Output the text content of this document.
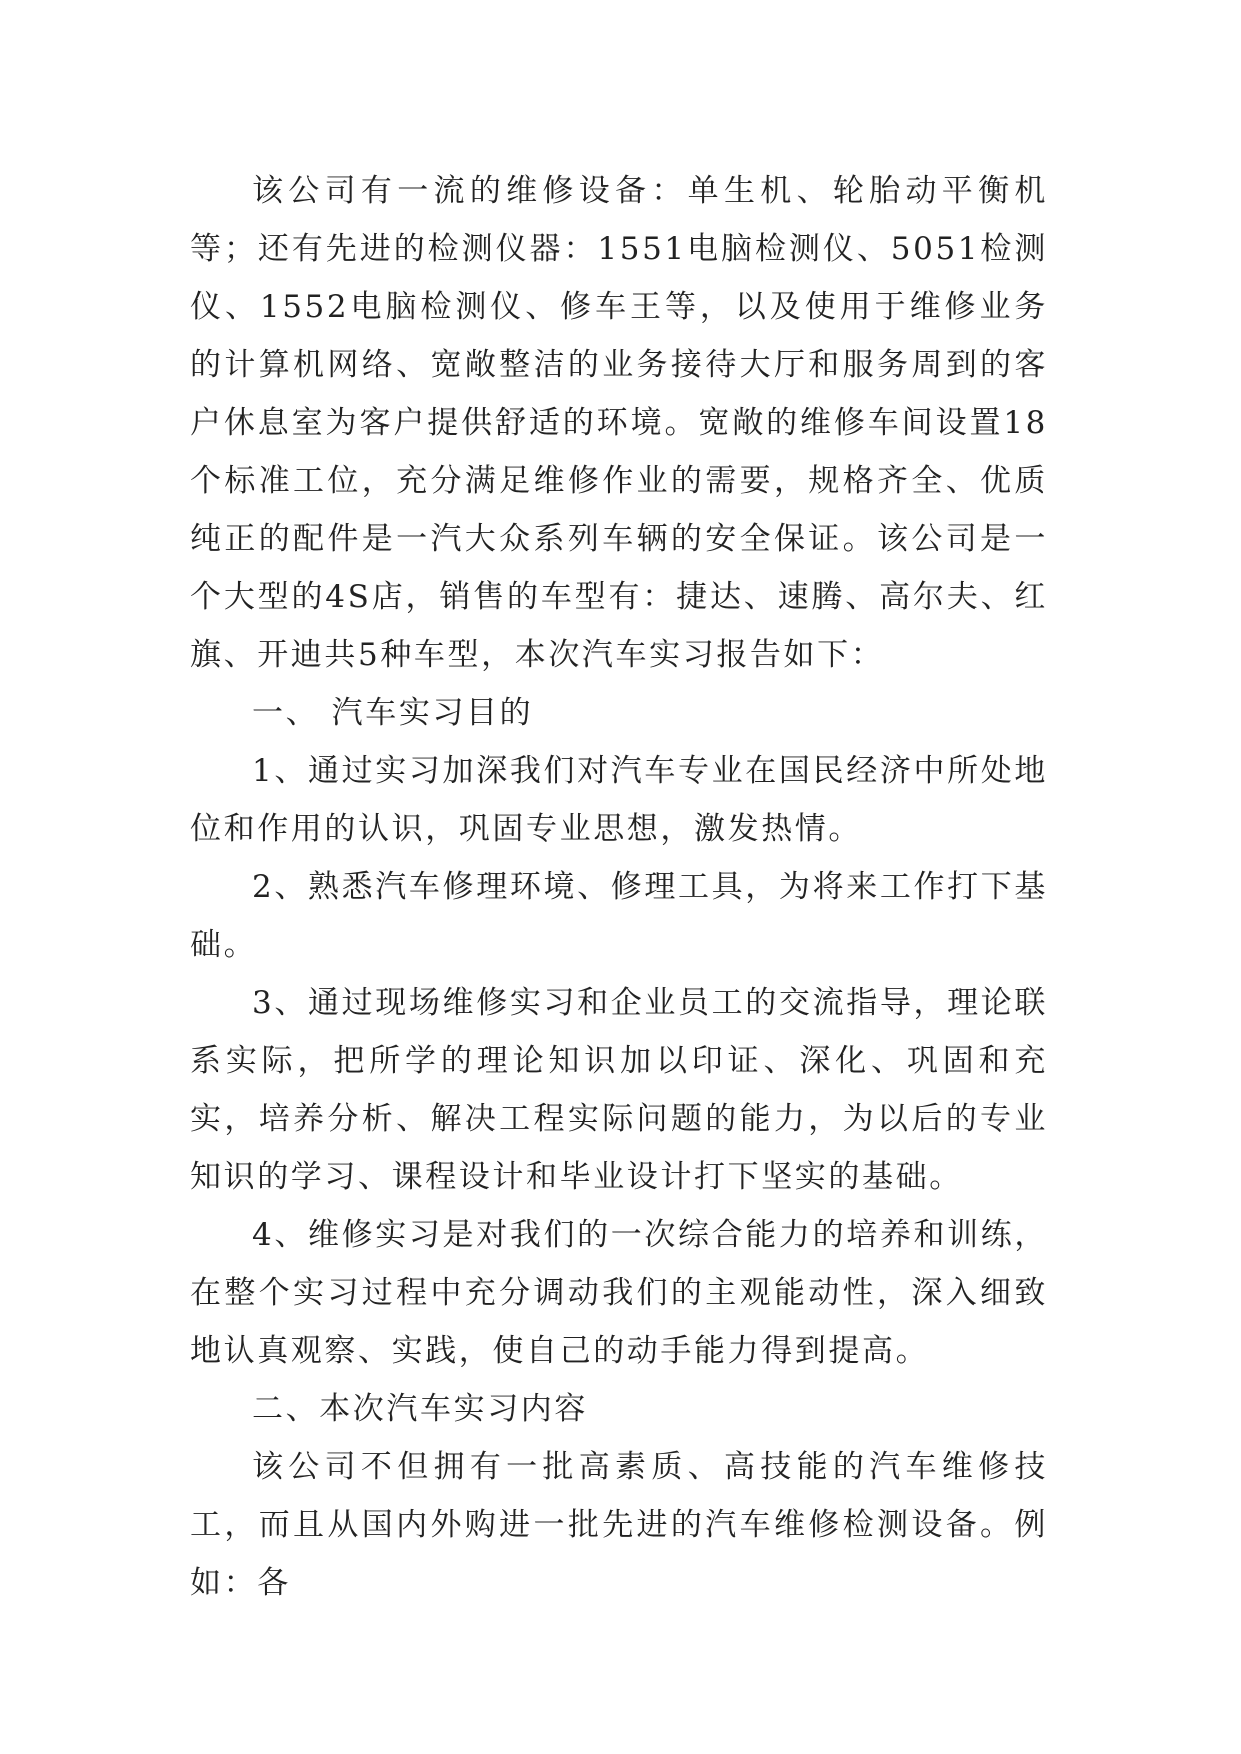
该公司有一流的维修设备：单生机、轮胎动平衡机等；还有先进的检测仪器：1551电脑检测仪、5051检测仪、1552电脑检测仪、修车王等，以及使用于维修业务的计算机网络、宽敞整洁的业务接待大厅和服务周到的客户休息室为客户提供舒适的环境。宽敞的维修车间设置18个标准工位，充分满足维修作业的需要，规格齐全、优质纯正的配件是一汽大众系列车辆的安全保证。该公司是一个大型的4S店，销售的车型有：捷达、速腾、高尔夫、红旗、开迪共5种车型，本次汽车实习报告如下：

一、 汽车实习目的

1、通过实习加深我们对汽车专业在国民经济中所处地位和作用的认识，巩固专业思想，激发热情。

2、熟悉汽车修理环境、修理工具，为将来工作打下基础。

3、通过现场维修实习和企业员工的交流指导，理论联系实际，把所学的理论知识加以印证、深化、巩固和充实，培养分析、解决工程实际问题的能力，为以后的专业知识的学习、课程设计和毕业设计打下坚实的基础。

4、维修实习是对我们的一次综合能力的培养和训练，在整个实习过程中充分调动我们的主观能动性，深入细致地认真观察、实践，使自己的动手能力得到提高。

二、本次汽车实习内容

该公司不但拥有一批高素质、高技能的汽车维修技工，而且从国内外购进一批先进的汽车维修检测设备。例如：各
